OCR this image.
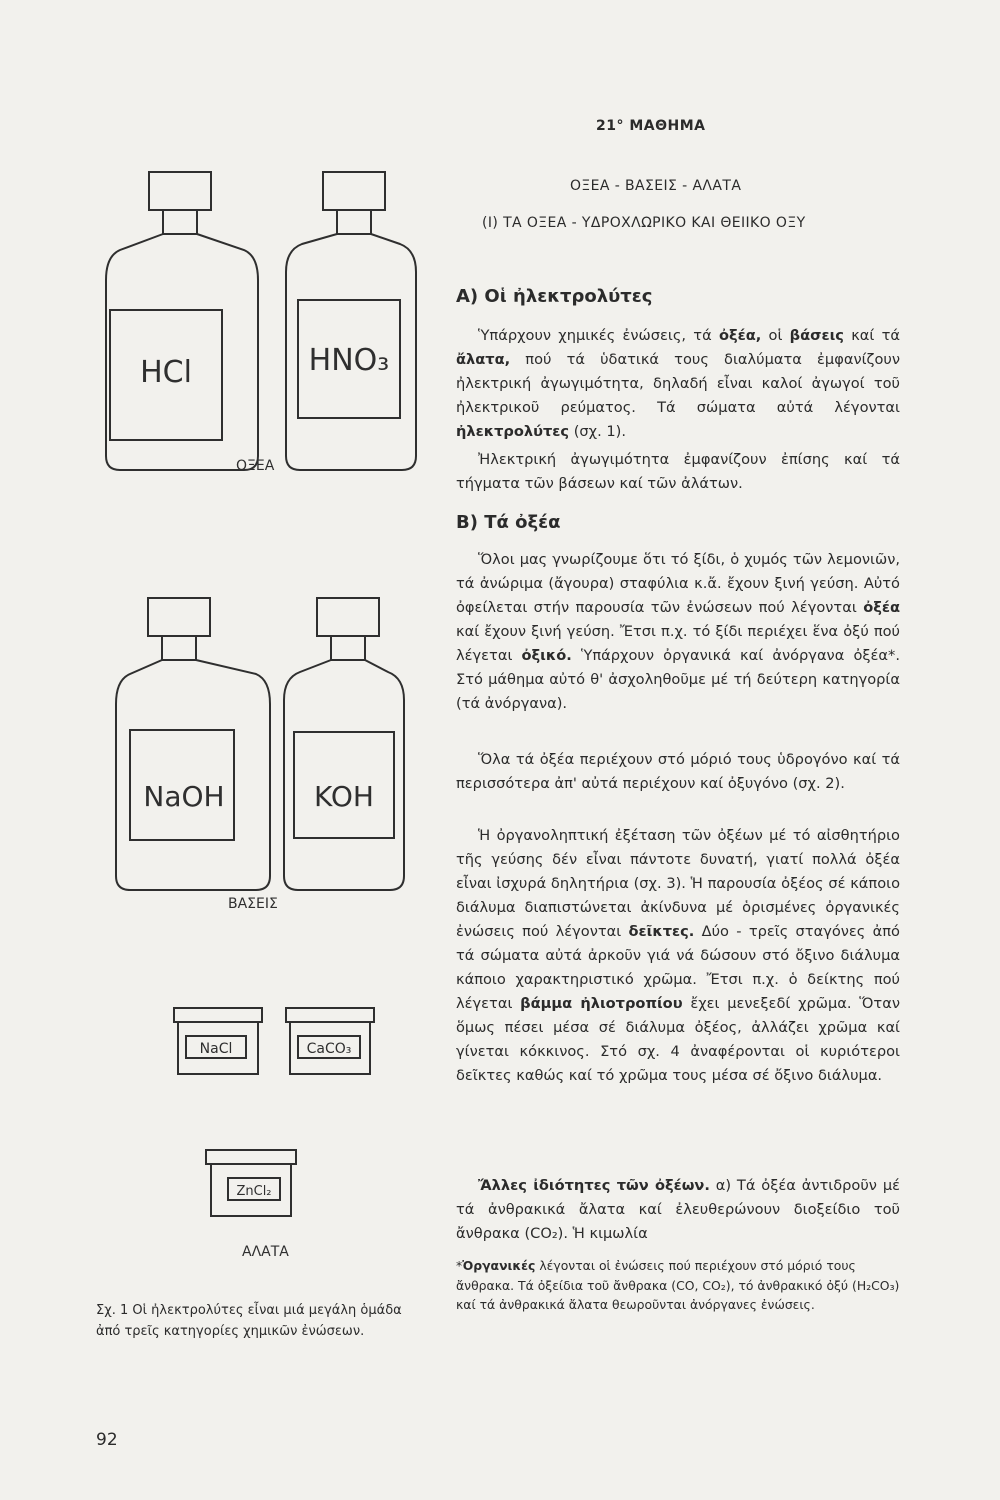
21° ΜΑΘΗΜΑ
ΟΞΕΑ - ΒΑΣΕΙΣ - ΑΛΑΤΑ
(I) ΤΑ ΟΞΕΑ - ΥΔΡΟΧΛΩΡΙΚΟ ΚΑΙ ΘΕΙΙΚΟ ΟΞΥ
HCl	HNO₃
NaOH	KOH
NaCl	CaCO₃
ZnCl₂
ΟΞΕΑ
ΒΑΣΕΙΣ
ΑΛΑΤΑ
Σχ. 1 Οἱ ἠλεκτρολύτες εἶναι μιά μεγάλη ὁμάδα ἀπό τρεῖς κατηγορίες χημικῶν ἐνώσεων.
Α) Οἱ ἠλεκτρολύτες

Ὑπάρχουν χημικές ἐνώσεις, τά ὀξέα, οἱ βάσεις καί τά ἄλατα, πού τά ὑδατικά τους διαλύματα ἐμφανίζουν ἠλεκτρική ἀγωγιμότητα, δηλαδή εἶναι καλοί ἀγωγοί τοῦ ἠλεκτρικοῦ ρεύματος. Τά σώματα αὐτά λέγονται ἠλεκτρολύτες (σχ. 1).

Ἠλεκτρική ἀγωγιμότητα ἐμφανίζουν ἐπίσης καί τά τήγματα τῶν βάσεων καί τῶν ἀλάτων.

Β) Τά ὀξέα

Ὅλοι μας γνωρίζουμε ὅτι τό ξίδι, ὁ χυμός τῶν λεμονιῶν, τά ἀνώριμα (ἄγουρα) σταφύλια κ.ἄ. ἔχουν ξινή γεύση. Αὐτό ὀφείλεται στήν παρουσία τῶν ἐνώσεων πού λέγονται ὀξέα καί ἔχουν ξινή γεύση. Ἔτσι π.χ. τό ξίδι περιέχει ἕνα ὀξύ πού λέγεται ὀξικό. Ὑπάρχουν ὀργανικά καί ἀνόργανα ὀξέα*. Στό μάθημα αὐτό θ' ἀσχοληθοῦμε μέ τή δεύτερη κατηγορία (τά ἀνόργανα).

Ὅλα τά ὀξέα περιέχουν στό μόριό τους ὑδρογόνο καί τά περισσότερα ἀπ' αὐτά περιέχουν καί ὀξυγόνο (σχ. 2).

Ἡ ὀργανοληπτική ἐξέταση τῶν ὀξέων μέ τό αἰσθητήριο τῆς γεύσης δέν εἶναι πάντοτε δυνατή, γιατί πολλά ὀξέα εἶναι ἰσχυρά δηλητήρια (σχ. 3). Ἡ παρουσία ὀξέος σέ κάποιο διάλυμα διαπιστώνεται ἀκίνδυνα μέ ὁρισμένες ὀργανικές ἐνώσεις πού λέγονται δεῖκτες. Δύο - τρεῖς σταγόνες ἀπό τά σώματα αὐτά ἀρκοῦν γιά νά δώσουν στό ὄξινο διάλυμα κάποιο χαρακτηριστικό χρῶμα. Ἔτσι π.χ. ὁ δείκτης πού λέγεται βάμμα ἠλιοτροπίου ἔχει μενεξεδί χρῶμα. Ὅταν ὅμως πέσει μέσα σέ διάλυμα ὀξέος, ἀλλάζει χρῶμα καί γίνεται κόκκινος. Στό σχ. 4 ἀναφέρονται οἱ κυριότεροι δεῖκτες καθώς καί τό χρῶμα τους μέσα σέ ὄξινο διάλυμα.

Ἄλλες ἰδιότητες τῶν ὀξέων. α) Τά ὀξέα ἀντιδροῦν μέ τά ἀνθρακικά ἄλατα καί ἐλευθερώνουν διοξείδιο τοῦ ἄνθρακα (CO₂). Ἡ κιμωλία

*Ὀργανικές λέγονται οἱ ἐνώσεις πού περιέχουν στό μόριό τους ἄνθρακα. Τά ὀξείδια τοῦ ἄνθρακα (CO, CO₂), τό ἀνθρακικό ὀξύ (H₂CO₃) καί τά ἀνθρακικά ἄλατα θεωροῦνται ἀνόργανες ἐνώσεις.

92
